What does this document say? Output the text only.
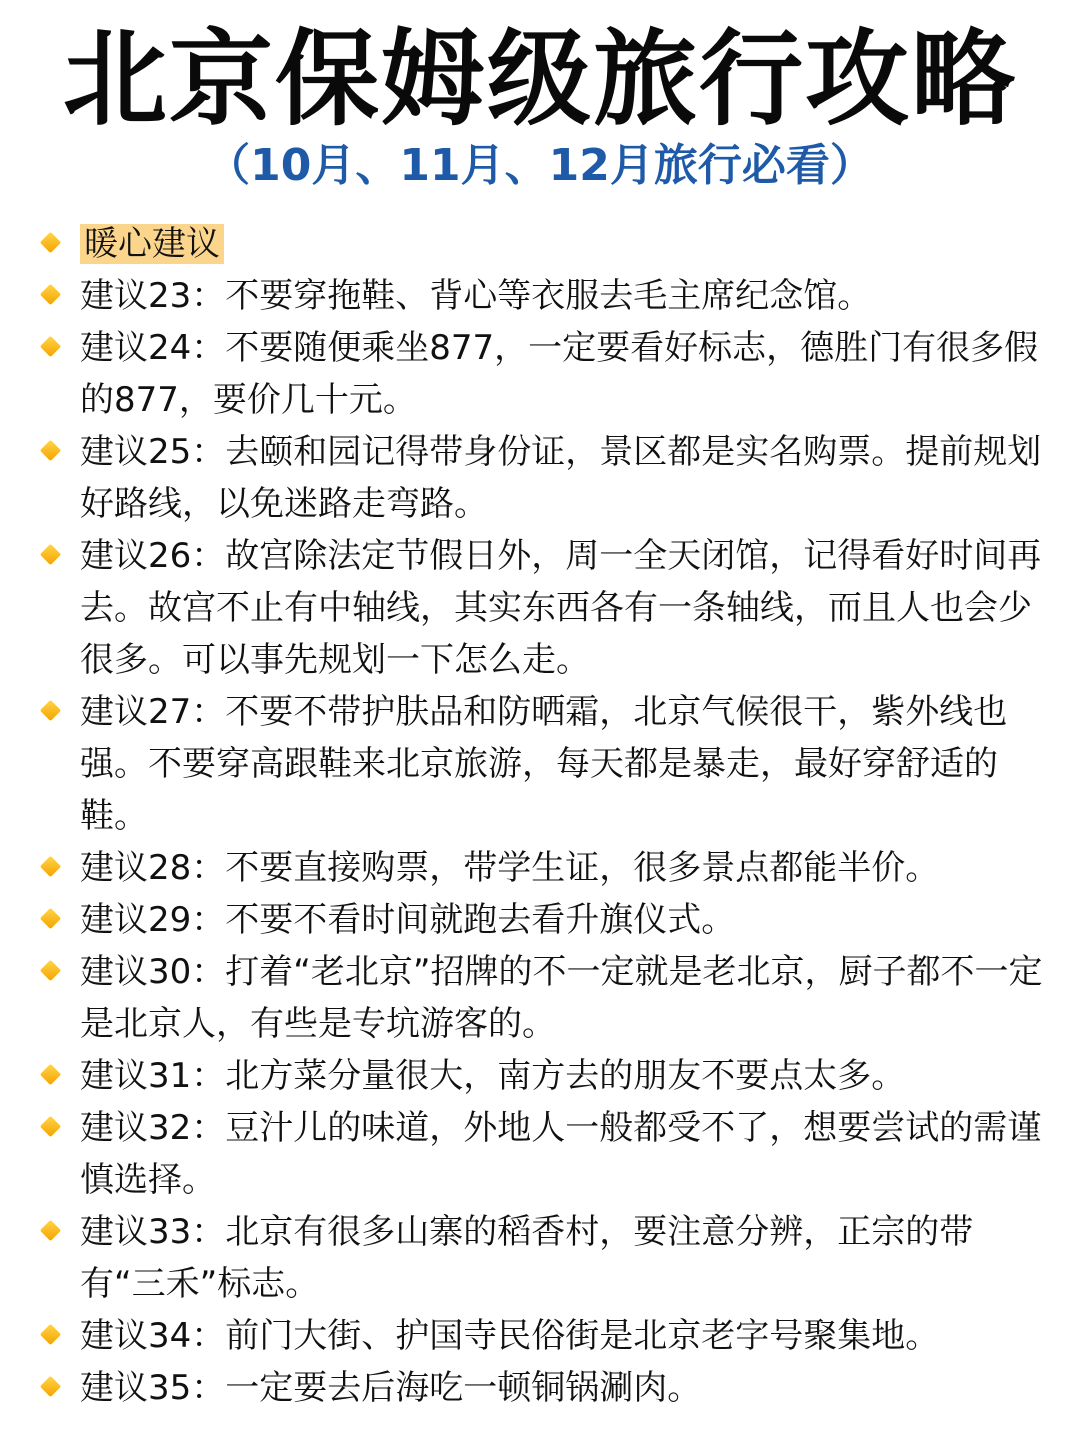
北京保姆级旅行攻略
（10月、11月、12月旅行必看）
暖心建议
建议23：不要穿拖鞋、背心等衣服去毛主席纪念馆。
建议24：不要随便乘坐877，一定要看好标志，德胜门有很多假的877，要价几十元。
建议25：去颐和园记得带身份证，景区都是实名购票。提前规划好路线，以免迷路走弯路。
建议26：故宫除法定节假日外，周一全天闭馆，记得看好时间再去。故宫不止有中轴线，其实东西各有一条轴线，而且人也会少很多。可以事先规划一下怎么走。
建议27：不要不带护肤品和防晒霜，北京气候很干，紫外线也强。不要穿高跟鞋来北京旅游，每天都是暴走，最好穿舒适的鞋。
建议28：不要直接购票，带学生证，很多景点都能半价。
建议29：不要不看时间就跑去看升旗仪式。
建议30：打着“老北京”招牌的不一定就是老北京，厨子都不一定是北京人，有些是专坑游客的。
建议31：北方菜分量很大，南方去的朋友不要点太多。
建议32：豆汁儿的味道，外地人一般都受不了，想要尝试的需谨慎选择。
建议33：北京有很多山寨的稻香村，要注意分辨，正宗的带有“三禾”标志。
建议34：前门大街、护国寺民俗街是北京老字号聚集地。
建议35：一定要去后海吃一顿铜锅涮肉。
